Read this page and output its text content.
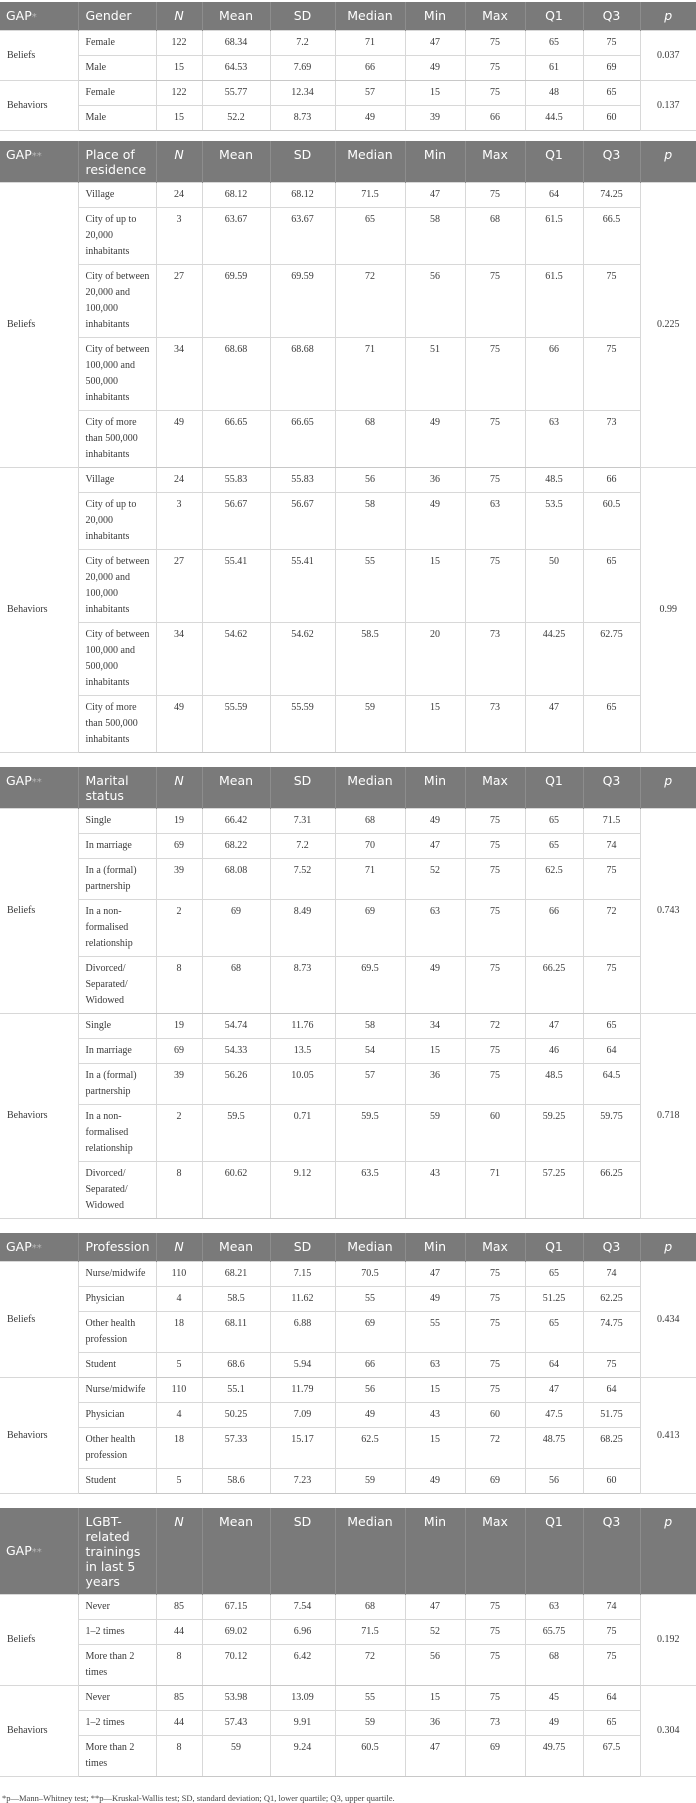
GAP*	Gender	N	Mean	SD	Median	Min	Max	Q1	Q3	p
Beliefs	Female	122	68.34	7.2	71	47	75	65	75	0.037
	Male	15	64.53	7.69	66	49	75	61	69	
Behaviors	Female	122	55.77	12.34	57	15	75	48	65	0.137
	Male	15	52.2	8.73	49	39	66	44.5	60	
GAP**	Place of residence	N	Mean	SD	Median	Min	Max	Q1	Q3	p
Beliefs	Village	24	68.12	68.12	71.5	47	75	64	74.25	0.225
	City of up to 20,000 inhabitants	3	63.67	63.67	65	58	68	61.5	66.5	
	City of between 20,000 and 100,000 inhabitants	27	69.59	69.59	72	56	75	61.5	75	
	City of between 100,000 and 500,000 inhabitants	34	68.68	68.68	71	51	75	66	75	
	City of more than 500,000 inhabitants	49	66.65	66.65	68	49	75	63	73	
Behaviors	Village	24	55.83	55.83	56	36	75	48.5	66	0.99
	City of up to 20,000 inhabitants	3	56.67	56.67	58	49	63	53.5	60.5	
	City of between 20,000 and 100,000 inhabitants	27	55.41	55.41	55	15	75	50	65	
	City of between 100,000 and 500,000 inhabitants	34	54.62	54.62	58.5	20	73	44.25	62.75	
	City of more than 500,000 inhabitants	49	55.59	55.59	59	15	73	47	65	
GAP**	Marital status	N	Mean	SD	Median	Min	Max	Q1	Q3	p
Beliefs	Single	19	66.42	7.31	68	49	75	65	71.5	0.743
	In marriage	69	68.22	7.2	70	47	75	65	74	
	In a (formal) partnership	39	68.08	7.52	71	52	75	62.5	75	
	In a non-formalised relationship	2	69	8.49	69	63	75	66	72	
	Divorced/ Separated/ Widowed	8	68	8.73	69.5	49	75	66.25	75	
Behaviors	Single	19	54.74	11.76	58	34	72	47	65	0.718
	In marriage	69	54.33	13.5	54	15	75	46	64	
	In a (formal) partnership	39	56.26	10.05	57	36	75	48.5	64.5	
	In a non-formalised relationship	2	59.5	0.71	59.5	59	60	59.25	59.75	
	Divorced/ Separated/ Widowed	8	60.62	9.12	63.5	43	71	57.25	66.25	
GAP**	Profession	N	Mean	SD	Median	Min	Max	Q1	Q3	p
Beliefs	Nurse/midwife	110	68.21	7.15	70.5	47	75	65	74	0.434
	Physician	4	58.5	11.62	55	49	75	51.25	62.25	
	Other health profession	18	68.11	6.88	69	55	75	65	74.75	
	Student	5	68.6	5.94	66	63	75	64	75	
Behaviors	Nurse/midwife	110	55.1	11.79	56	15	75	47	64	0.413
	Physician	4	50.25	7.09	49	43	60	47.5	51.75	
	Other health profession	18	57.33	15.17	62.5	15	72	48.75	68.25	
	Student	5	58.6	7.23	59	49	69	56	60	
GAP**	LGBT-related trainings in last 5 years	N	Mean	SD	Median	Min	Max	Q1	Q3	p
Beliefs	Never	85	67.15	7.54	68	47	75	63	74	0.192
	1–2 times	44	69.02	6.96	71.5	52	75	65.75	75	
	More than 2 times	8	70.12	6.42	72	56	75	68	75	
Behaviors	Never	85	53.98	13.09	55	15	75	45	64	0.304
	1–2 times	44	57.43	9.91	59	36	73	49	65	
	More than 2 times	8	59	9.24	60.5	47	69	49.75	67.5	
*p—Mann–Whitney test; **p—Kruskal-Wallis test; SD, standard deviation; Q1, lower quartile; Q3, upper quartile.
